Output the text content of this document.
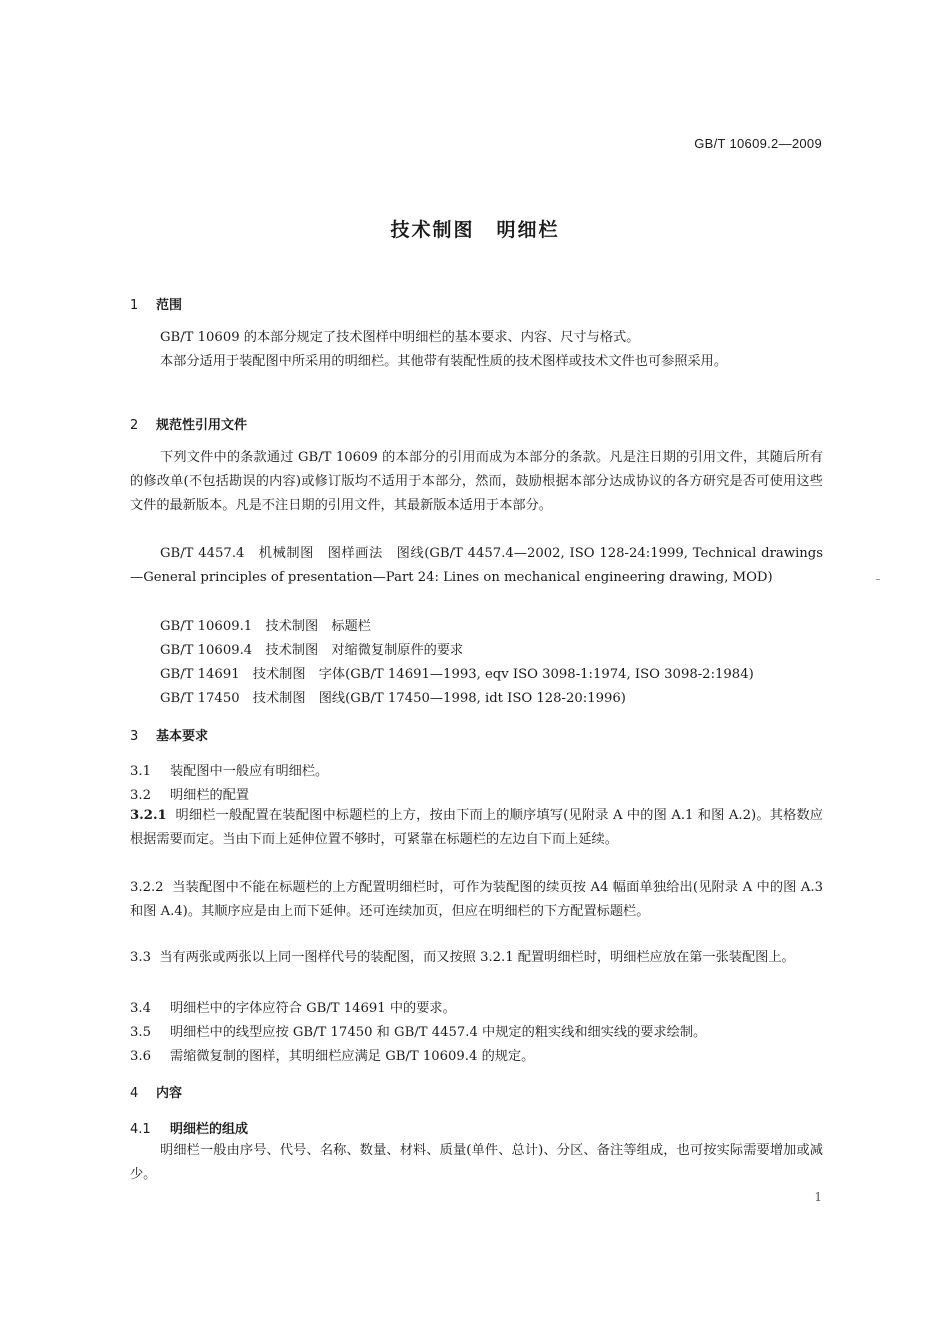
GB/T 10609.2—2009
技术制图 明细栏
1 范围
GB/T 10609 的本部分规定了技术图样中明细栏的基本要求、内容、尺寸与格式。
本部分适用于装配图中所采用的明细栏。其他带有装配性质的技术图样或技术文件也可参照采用。
2 规范性引用文件
下列文件中的条款通过 GB/T 10609 的本部分的引用而成为本部分的条款。凡是注日期的引用文件，其随后所有的修改单(不包括勘误的内容)或修订版均不适用于本部分，然而，鼓励根据本部分达成协议的各方研究是否可使用这些文件的最新版本。凡是不注日期的引用文件，其最新版本适用于本部分。
GB/T 4457.4　机械制图　图样画法　图线(GB/T 4457.4—2002, ISO 128-24:1999, Technical drawings—General principles of presentation—Part 24: Lines on mechanical engineering drawing, MOD)
GB/T 10609.1　技术制图　标题栏
GB/T 10609.4　技术制图　对缩微复制原件的要求
GB/T 14691　技术制图　字体(GB/T 14691—1993, eqv ISO 3098-1:1974, ISO 3098-2:1984)
GB/T 17450　技术制图　图线(GB/T 17450—1998, idt ISO 128-20:1996)
3 基本要求
3.1 装配图中一般应有明细栏。
3.2 明细栏的配置
3.2.1 明细栏一般配置在装配图中标题栏的上方，按由下而上的顺序填写(见附录 A 中的图 A.1 和图 A.2)。其格数应根据需要而定。当由下而上延伸位置不够时，可紧靠在标题栏的左边自下而上延续。
3.2.2 当装配图中不能在标题栏的上方配置明细栏时，可作为装配图的续页按 A4 幅面单独给出(见附录 A 中的图 A.3 和图 A.4)。其顺序应是由上而下延伸。还可连续加页，但应在明细栏的下方配置标题栏。
3.3 当有两张或两张以上同一图样代号的装配图，而又按照 3.2.1 配置明细栏时，明细栏应放在第一张装配图上。
3.4 明细栏中的字体应符合 GB/T 14691 中的要求。
3.5 明细栏中的线型应按 GB/T 17450 和 GB/T 4457.4 中规定的粗实线和细实线的要求绘制。
3.6 需缩微复制的图样，其明细栏应满足 GB/T 10609.4 的规定。
4 内容
4.1 明细栏的组成
明细栏一般由序号、代号、名称、数量、材料、质量(单件、总计)、分区、备注等组成，也可按实际需要增加或减少。
1
